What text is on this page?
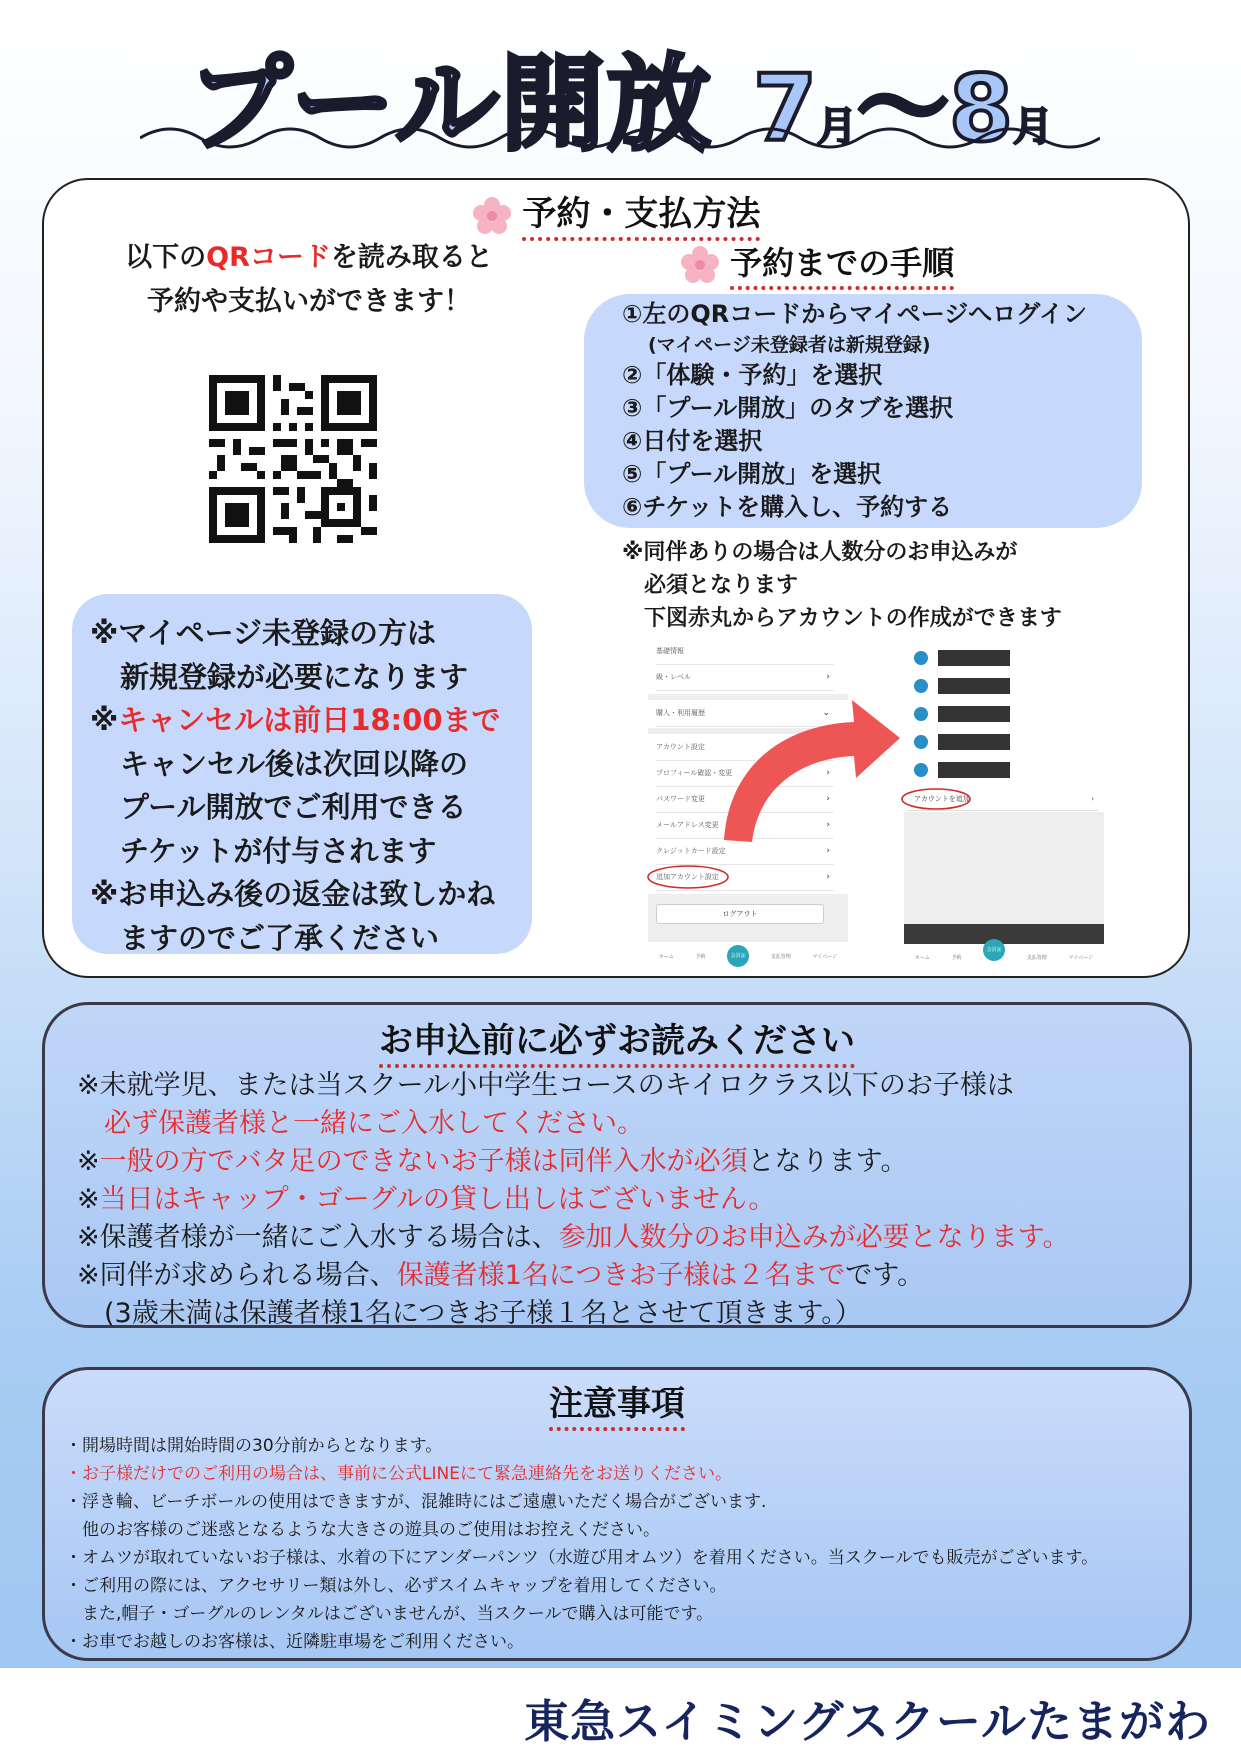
プール開放 7月〜8月
予約・支払方法
以下のQRコードを読み取ると
予約や支払いができます！
※マイページ未登録の方は
新規登録が必要になります
※キャンセルは前日18:00まで
キャンセル後は次回以降の
プール開放でご利用できる
チケットが付与されます
※お申込み後の返金は致しかね
ますのでご了承ください
予約までの手順
①左のQRコードからマイページへログイン
(マイページ未登録者は新規登録)
②「体験・予約」を選択
③「プール開放」のタブを選択
④日付を選択
⑤「プール開放」を選択
⑥チケットを購入し、予約する
※同伴ありの場合は人数分のお申込みが
必須となります
下図赤丸からアカウントの作成ができます
基礎情報
級・レベル	›
購入・利用履歴	⌄
アカウント設定
プロフィール確認・変更	›
パスワード変更	›
メールアドレス変更	›
クレジットカード設定	›
追加アカウント設定	›
ログアウト
ホーム	予約	会員証	支払管理	マイページ
アカウントを追加	›
ホーム	予約
会員証
支払管理	マイページ
お申込前に必ずお読みください
※未就学児、または当スクール小中学生コースのキイロクラス以下のお子様は
　必ず保護者様と一緒にご入水してください。
※一般の方でバタ足のできないお子様は同伴入水が必須となります。
※当日はキャップ・ゴーグルの貸し出しはございません。
※保護者様が一緒にご入水する場合は、参加人数分のお申込みが必要となります。
※同伴が求められる場合、保護者様1名につきお子様は２名までです。
　(3歳未満は保護者様1名につきお子様１名とさせて頂きます。）
注意事項
・開場時間は開始時間の30分前からとなります。
・お子様だけでのご利用の場合は、事前に公式LINEにて緊急連絡先をお送りください。
・浮き輪、ビーチボールの使用はできますが、混雑時にはご遠慮いただく場合がございます.
　他のお客様のご迷惑となるような大きさの遊具のご使用はお控えください。
・オムツが取れていないお子様は、水着の下にアンダーパンツ（水遊び用オムツ）を着用ください。当スクールでも販売がございます。
・ご利用の際には、アクセサリー類は外し、必ずスイムキャップを着用してください。
　また,帽子・ゴーグルのレンタルはございませんが、当スクールで購入は可能です。
・お車でお越しのお客様は、近隣駐車場をご利用ください。
東急スイミングスクールたまがわ
